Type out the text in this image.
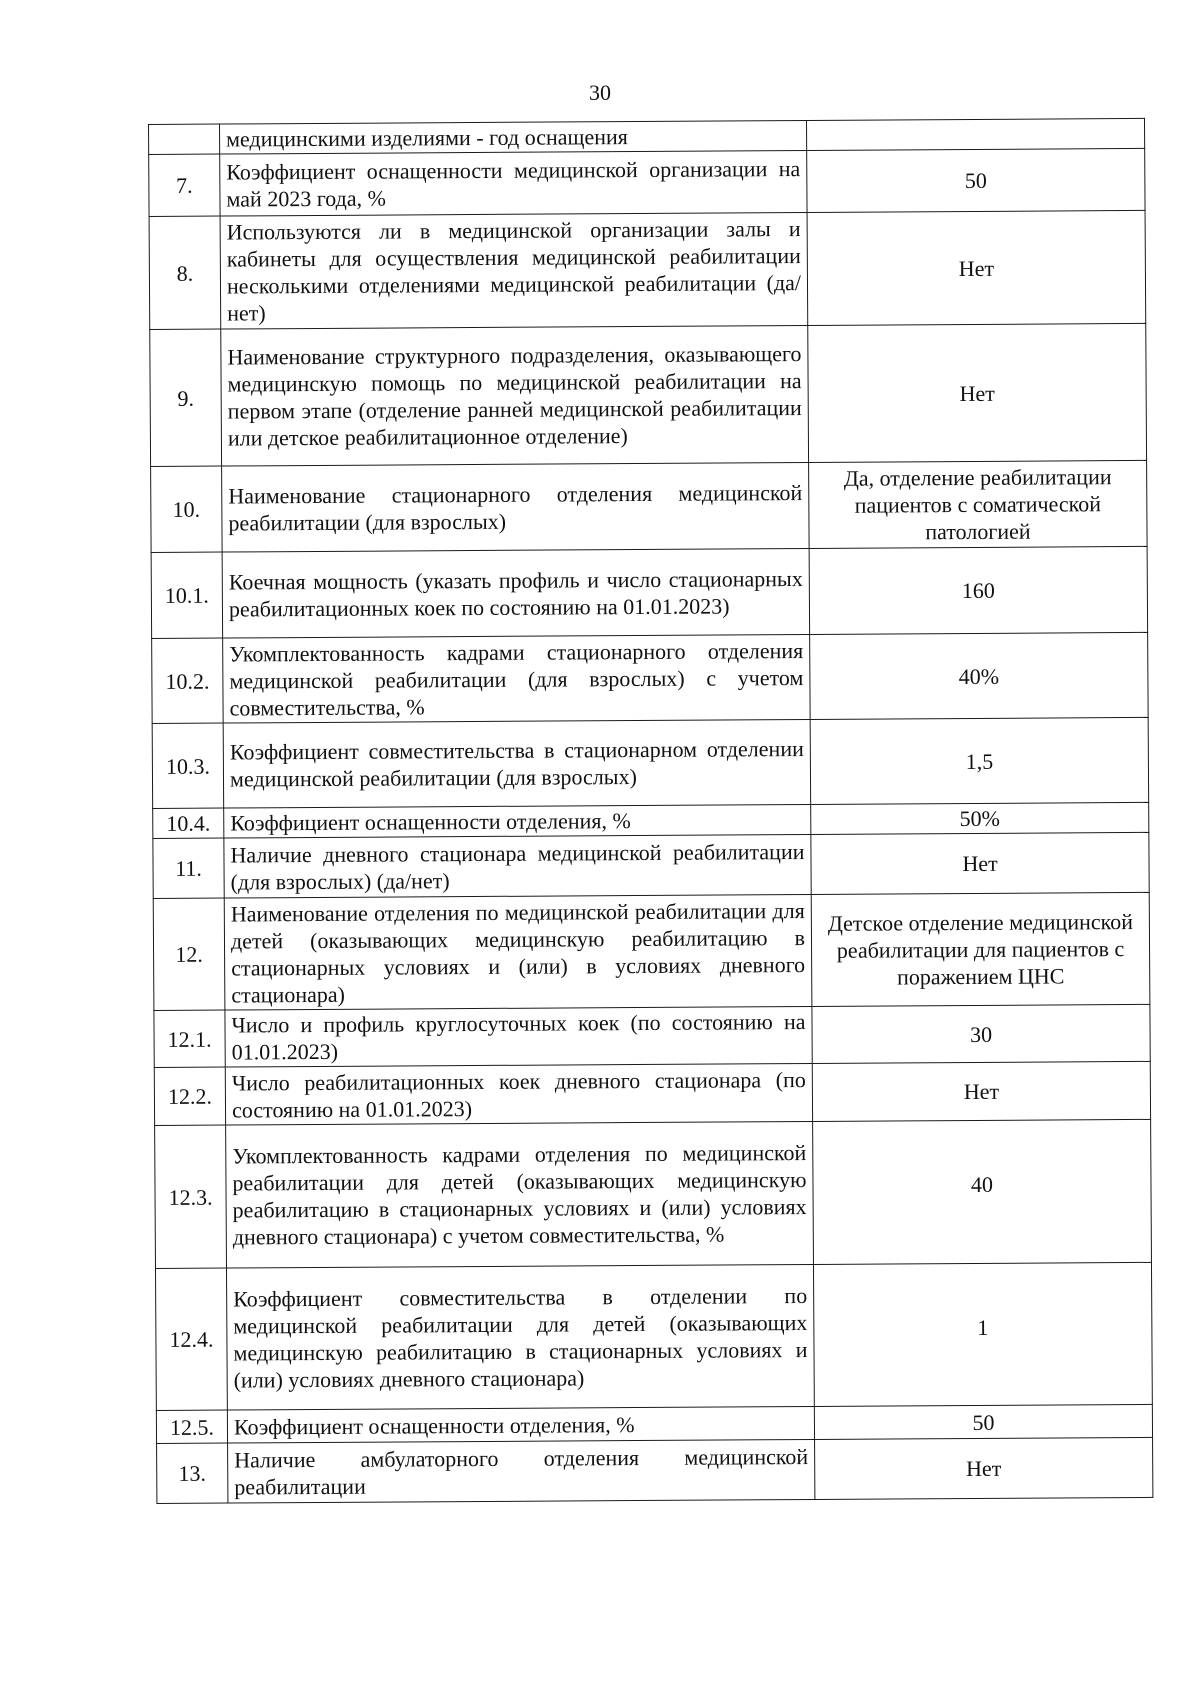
30
	медицинскими изделиями - год оснащения	
7.	Коэффициент оснащенности медицинской организации на май 2023 года, %	50
8.	Используются ли в медицинской организации залы и кабинеты для осуществления медицинской реабилитации несколькими отделениями медицинской реабилитации (да/нет)	Нет
9.	Наименование структурного подразделения, оказывающего медицинскую помощь по медицинской реабилитации на первом этапе (отделение ранней медицинской реабилитации или детское реабилитационное отделение)	Нет
10.	Наименование стационарного отделения медицинской реабилитации (для взрослых)	Да, отделение реабилитации пациентов с соматической патологией
10.1.	Коечная мощность (указать профиль и число стационарных реабилитационных коек по состоянию на 01.01.2023)	160
10.2.	Укомплектованность кадрами стационарного отделения медицинской реабилитации (для взрослых) с учетом совместительства, %	40%
10.3.	Коэффициент совместительства в стационарном отделении медицинской реабилитации (для взрослых)	1,5
10.4.	Коэффициент оснащенности отделения, %	50%
11.	Наличие дневного стационара медицинской реабилитации (для взрослых) (да/нет)	Нет
12.	Наименование отделения по медицинской реабилитации для детей (оказывающих медицинскую реабилитацию в стационарных условиях и (или) в условиях дневного стационара)	Детское отделение медицинской реабилитации для пациентов с поражением ЦНС
12.1.	Число и профиль круглосуточных коек (по состоянию на 01.01.2023)	30
12.2.	Число реабилитационных коек дневного стационара (по состоянию на 01.01.2023)	Нет
12.3.	Укомплектованность кадрами отделения по медицинской реабилитации для детей (оказывающих медицинскую реабилитацию в стационарных условиях и (или) условиях дневного стационара) с учетом совместительства, %	40
12.4.	Коэффициент совместительства в отделении по медицинской реабилитации для детей (оказывающих медицинскую реабилитацию в стационарных условиях и (или) условиях дневного стационара)	1
12.5.	Коэффициент оснащенности отделения, %	50
13.	Наличие амбулаторного отделения медицинской реабилитации	Нет
